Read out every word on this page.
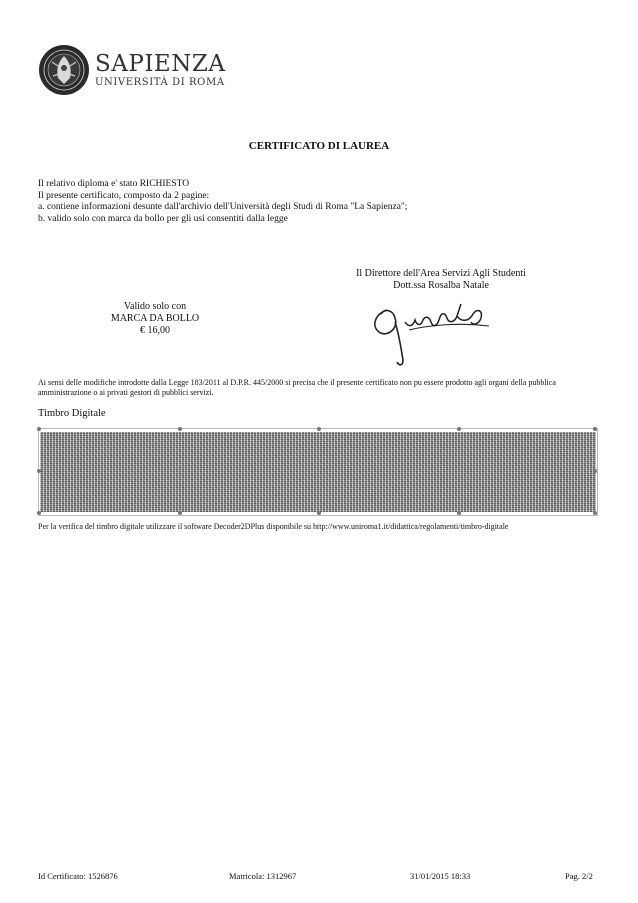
SAPIENZA
UNIVERSITÀ DI ROMA
CERTIFICATO DI LAUREA
Il relativo diploma e' stato RICHIESTO
Il presente certificato, composto da 2 pagine:
a. contiene informazioni desunte dall'archivio dell'Università degli Studi di Roma "La Sapienza";
b. valido solo con marca da bollo per gli usi consentiti dalla legge
Il Direttore dell'Area Servizi Agli Studenti
Dott.ssa Rosalba Natale
Valido solo con
MARCA DA BOLLO
€ 16,00
Ai sensi delle modifiche introdotte dalla Legge 183/2011 al D.P.R. 445/2000 si precisa che il presente certificato non pu essere prodotto agli organi della pubblica amministrazione o ai privati gestori di pubblici servizi.
Timbro Digitale
Per la verifica del timbro digitale utilizzare il software Decoder2DPlus disponibile su http://www.uniroma1.it/didattica/regolamenti/timbro-digitale
Id Certificato: 1526876	Matricola: 1312967	31/01/2015 18:33	Pag. 2/2
